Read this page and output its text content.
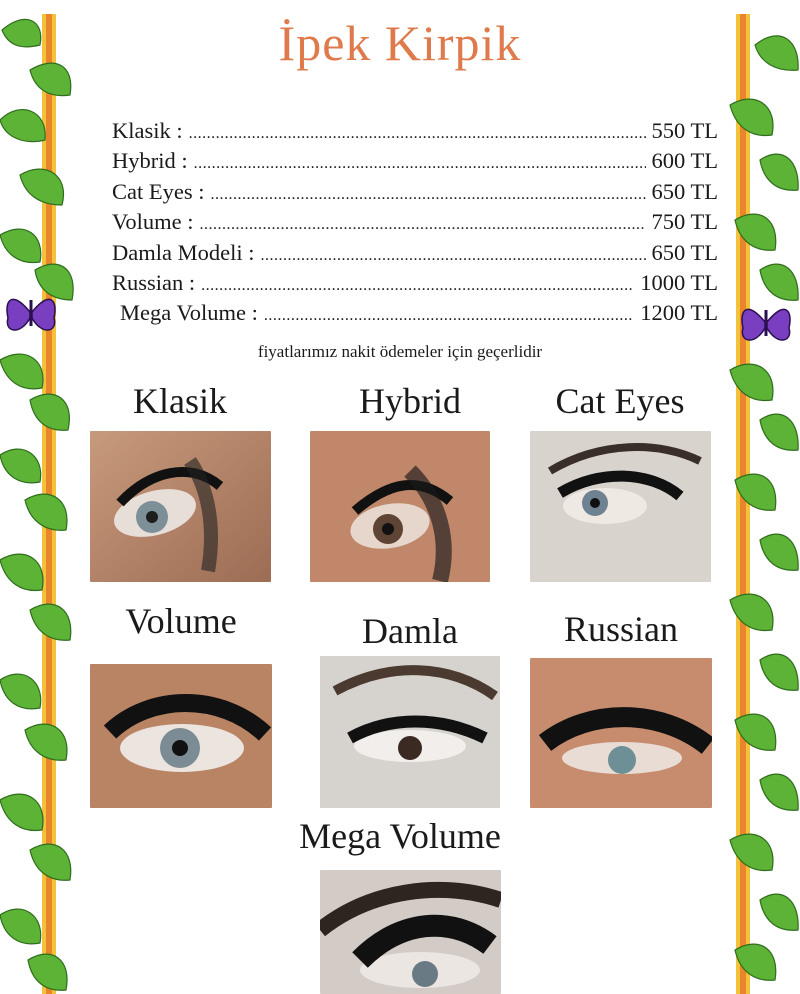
İpek Kirpik
Klasik : .....	550 TL
Hybrid : .....	600 TL
Cat Eyes : .....	650 TL
Volume : .....	750 TL
Damla Modeli : .....	650 TL
Russian : .....	1000 TL
Mega Volume : .....	1200 TL
fiyatlarımız nakit ödemeler için geçerlidir
Klasik	Hybrid	Cat Eyes
Volume	Damla	Russian
Mega Volume
